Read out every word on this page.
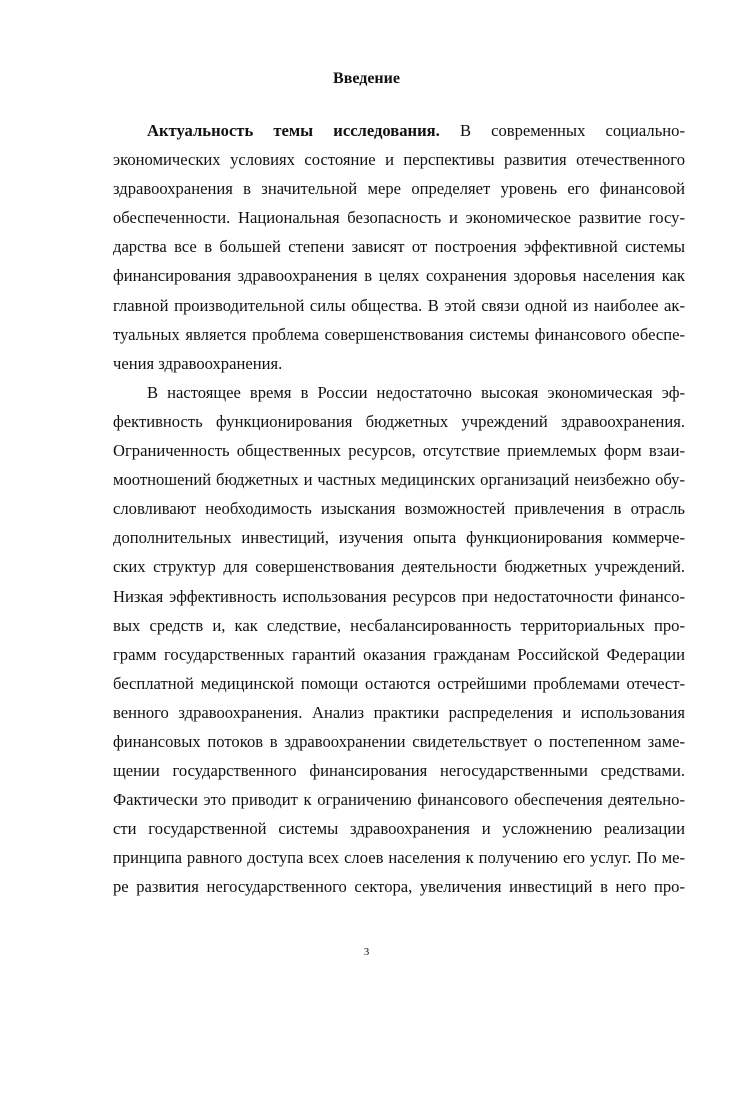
Введение
Актуальность темы исследования. В современных социально-
экономических условиях состояние и перспективы развития отечественного
здравоохранения в значительной мере определяет уровень его финансовой
обеспеченности. Национальная безопасность и экономическое развитие госу-
дарства все в большей степени зависят от построения эффективной системы
финансирования здравоохранения в целях сохранения здоровья населения как
главной производительной силы общества. В этой связи одной из наиболее ак-
туальных является проблема совершенствования системы финансового обеспе-
чения здравоохранения.
В настоящее время в России недостаточно высокая экономическая эф-
фективность функционирования бюджетных учреждений здравоохранения.
Ограниченность общественных ресурсов, отсутствие приемлемых форм взаи-
моотношений бюджетных и частных медицинских организаций неизбежно обу-
словливают необходимость изыскания возможностей привлечения в отрасль
дополнительных инвестиций, изучения опыта функционирования коммерче-
ских структур для совершенствования деятельности бюджетных учреждений.
Низкая эффективность использования ресурсов при недостаточности финансо-
вых средств и, как следствие, несбалансированность территориальных про-
грамм государственных гарантий оказания гражданам Российской Федерации
бесплатной медицинской помощи остаются острейшими проблемами отечест-
венного здравоохранения. Анализ практики распределения и использования
финансовых потоков в здравоохранении свидетельствует о постепенном заме-
щении государственного финансирования негосударственными средствами.
Фактически это приводит к ограничению финансового обеспечения деятельно-
сти государственной системы здравоохранения и усложнению реализации
принципа равного доступа всех слоев населения к получению его услуг. По ме-
ре развития негосударственного сектора, увеличения инвестиций в него про-
3
